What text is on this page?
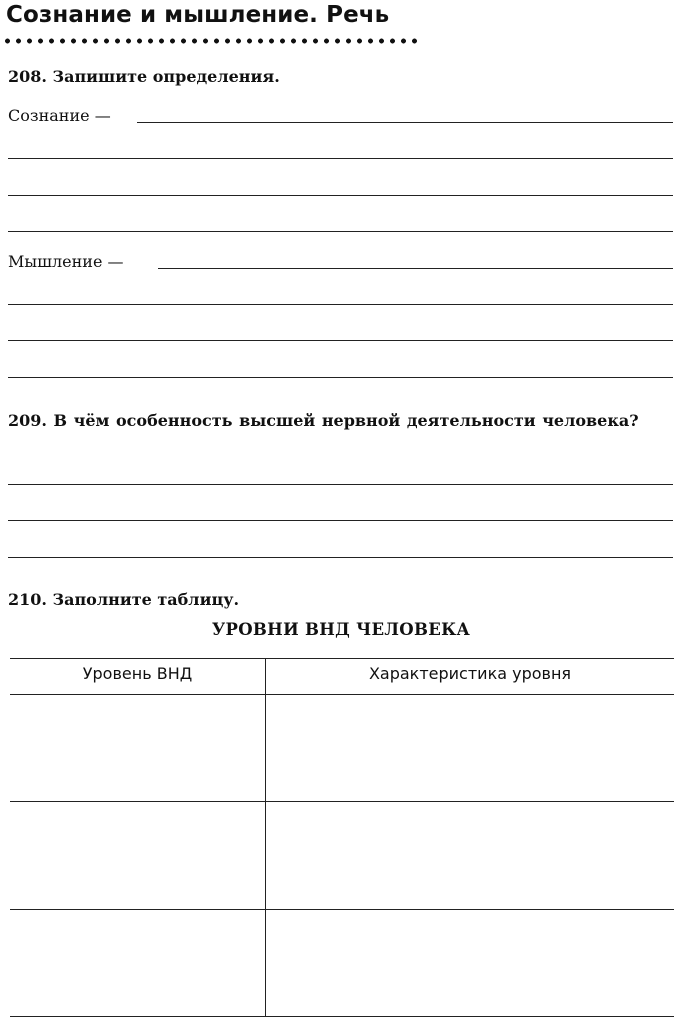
Сознание и мышление. Речь
208. Запишите определения.
Сознание —
Мышление —
209. В чём особенность высшей нервной деятельности человека?
210. Заполните таблицу.
УРОВНИ ВНД ЧЕЛОВЕКА
Уровень ВНД	Характеристика уровня
